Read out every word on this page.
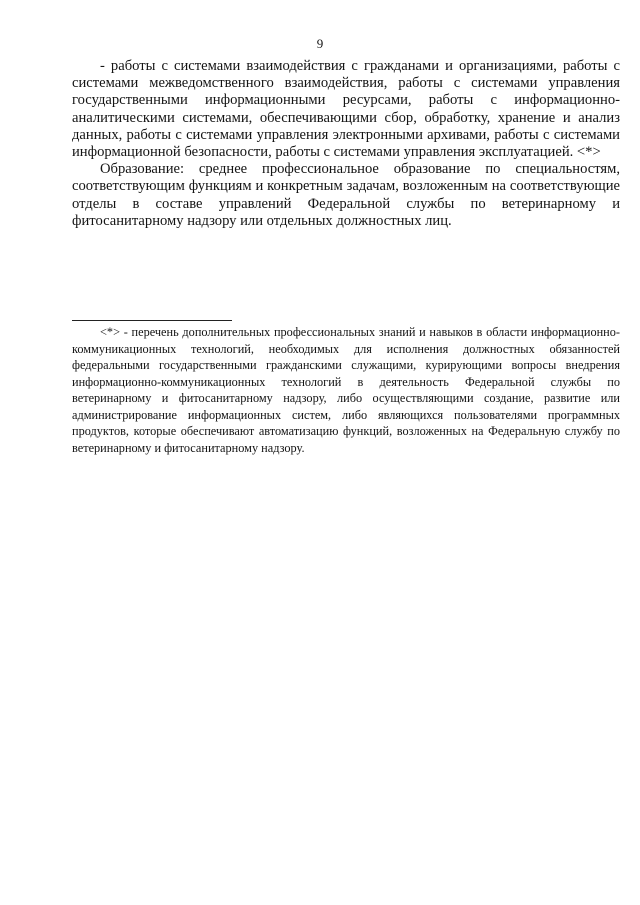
9

- работы с системами взаимодействия с гражданами и организациями, работы с системами межведомственного взаимодействия, работы с системами управления государственными информационными ресурсами, работы с информационно-аналитическими системами, обеспечивающими сбор, обработку, хранение и анализ данных, работы с системами управления электронными архивами, работы с системами информационной безопасности, работы с системами управления эксплуатацией. <*>

Образование: среднее профессиональное образование по специальностям, соответствующим функциям и конкретным задачам, возложенным на соответствующие отделы в составе управлений Федеральной службы по ветеринарному и фитосанитарному надзору или отдельных должностных лиц.

<*> - перечень дополнительных профессиональных знаний и навыков в области информационно-коммуникационных технологий, необходимых для исполнения должностных обязанностей федеральными государственными гражданскими служащими, курирующими вопросы внедрения информационно-коммуникационных технологий в деятельность Федеральной службы по ветеринарному и фитосанитарному надзору, либо осуществляющими создание, развитие или администрирование информационных систем, либо являющихся пользователями программных продуктов, которые обеспечивают автоматизацию функций, возложенных на Федеральную службу по ветеринарному и фитосанитарному надзору.
